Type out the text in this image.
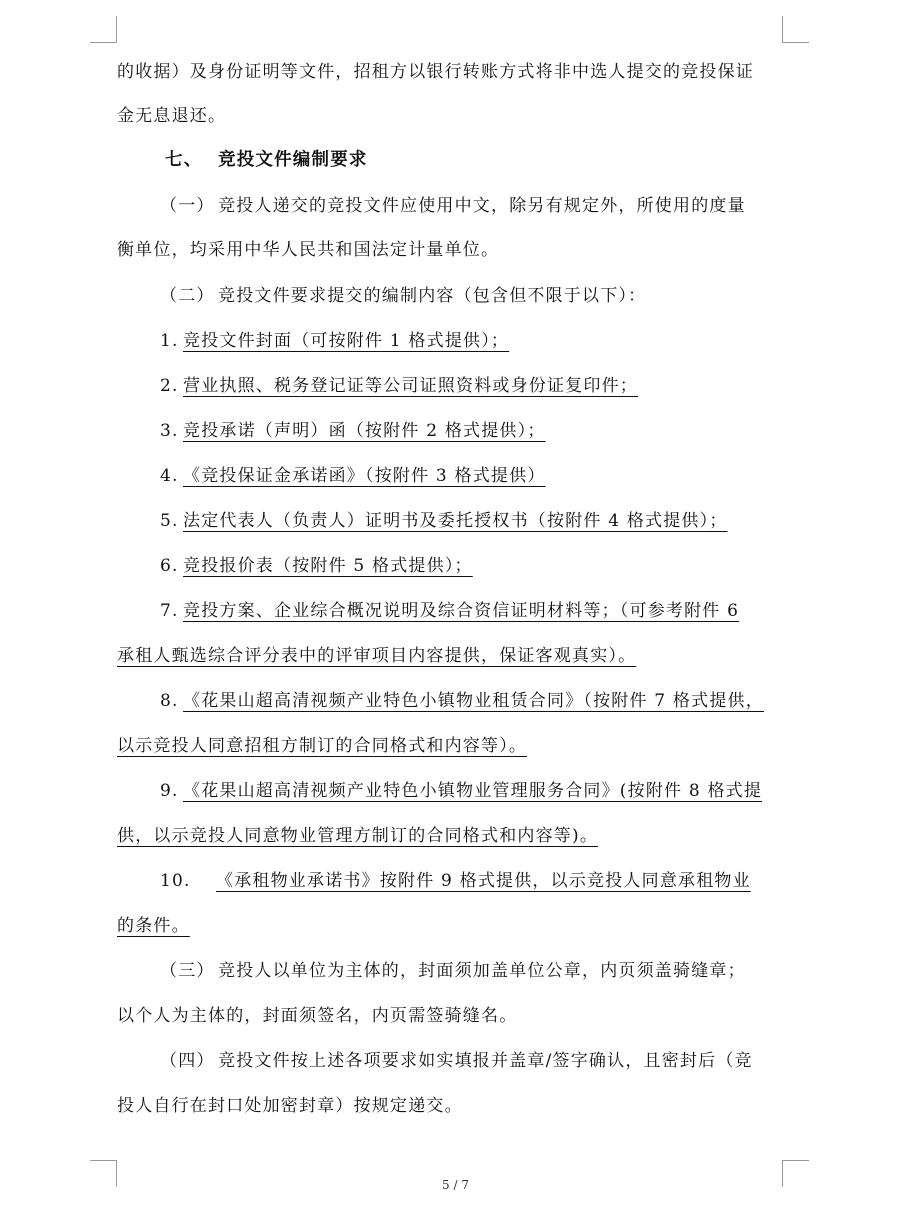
的收据）及身份证明等文件，招租方以银行转账方式将非中选人提交的竞投保证
金无息退还。
七、 竞投文件编制要求
（一） 竞投人递交的竞投文件应使用中文，除另有规定外，所使用的度量
衡单位，均采用中华人民共和国法定计量单位。
（二） 竞投文件要求提交的编制内容（包含但不限于以下）：
1. 竞投文件封面（可按附件 1 格式提供）；
2. 营业执照、税务登记证等公司证照资料或身份证复印件；
3. 竞投承诺（声明）函（按附件 2 格式提供）；
4. 《竞投保证金承诺函》（按附件 3 格式提供）
5. 法定代表人（负责人）证明书及委托授权书（按附件 4 格式提供）；
6. 竞投报价表（按附件 5 格式提供）；
7. 竞投方案、企业综合概况说明及综合资信证明材料等；（可参考附件 6
承租人甄选综合评分表中的评审项目内容提供，保证客观真实）。
8. 《花果山超高清视频产业特色小镇物业租赁合同》（按附件 7 格式提供，
以示竞投人同意招租方制订的合同格式和内容等）。
9. 《花果山超高清视频产业特色小镇物业管理服务合同》(按附件 8 格式提
供，以示竞投人同意物业管理方制订的合同格式和内容等)。
10. 《承租物业承诺书》按附件 9 格式提供，以示竞投人同意承租物业
的条件。
（三） 竞投人以单位为主体的，封面须加盖单位公章，内页须盖骑缝章；
以个人为主体的，封面须签名，内页需签骑缝名。
（四） 竞投文件按上述各项要求如实填报并盖章/签字确认，且密封后（竞
投人自行在封口处加密封章）按规定递交。
5 / 7
